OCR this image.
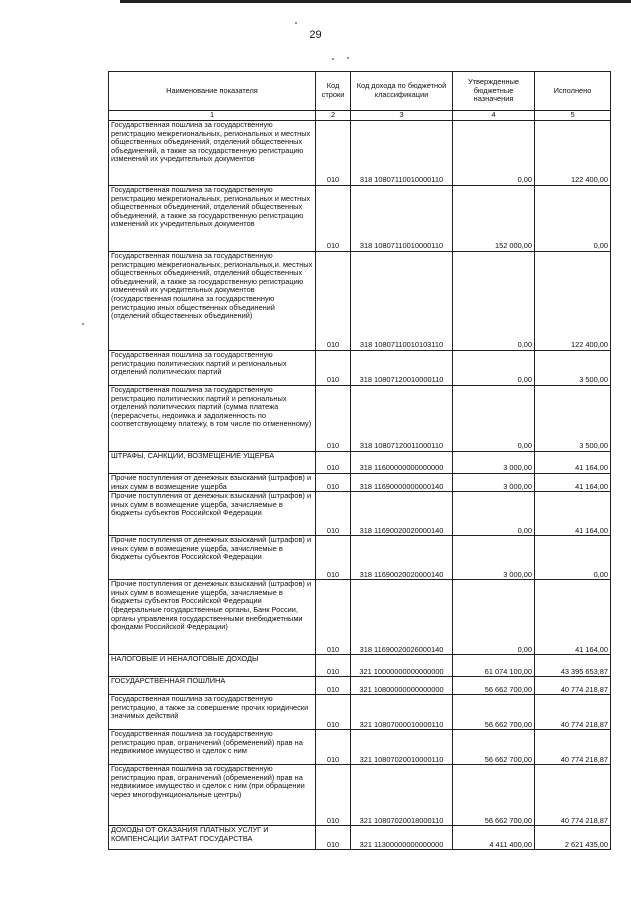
29
Наименование показателя	Код строки	Код дохода по бюджетной классификации	Утвержденные бюджетные назначения	Исполнено
1	2	3	4	5
Государственная пошлина за государственную регистрацию межрегиональных, региональных и местных общественных объединений, отделений общественных объединений, а также за государственную регистрацию изменений их учредительных документов	010	318 10807110010000110	0,00	122 400,00
Государственная пошлина за государственную регистрацию межрегиональных, региональных и местных общественных объединений, отделений общественных объединений, а также за государственную регистрацию изменений их учредительных документов	010	318 10807110010000110	152 000,00	0,00
Государственная пошлина за государственную регистрацию межрегиональных, региональных,и. местных общественных объединений, отделений общественных объединений, а также за государственную регистрацию изменений их учредительных документов (государственная пошлина за государственную регистрацию иных общественных объединений (отделений общественных объединений)	010	318 10807110010103110	0,00	122 400,00
Государственная пошлина за государственную регистрацию политических партий и региональных отделений политических партий	010	318 10807120010000110	0,00	3 500,00
Государственная пошлина за государственную регистрацию политических партий и региональных отделений политических партий (сумма платежа (перерасчеты, недоимка и задолженность по соответствующему платежу, в том числе по отмененному)	010	318 10807120011000110	0,00	3 500,00
ШТРАФЫ, САНКЦИИ, ВОЗМЕЩЕНИЕ УЩЕРБА	010	318 11600000000000000	3 000,00	41 164,00
Прочие поступления от денежных взысканий (штрафов) и иных сумм в возмещение ущерба	010	318 11690000000000140	3 000,00	41 164,00
Прочие поступления от денежных взысканий (штрафов) и иных сумм в возмещение ущерба, зачисляемые в бюджеты субъектов Российской Федерации	010	318 11690020020000140	0,00	41 164,00
Прочие поступления от денежных взысканий (штрафов) и иных сумм в возмещение ущерба, зачисляемые в бюджеты субъектов Российской Федерации	010	318 11690020020000140	3 000,00	0,00
Прочие поступления от денежных взысканий (штрафов) и иных сумм в возмещение ущерба, зачисляемые в бюджеты субъектов Российской Федерации (федеральные государственные органы, Банк России, органы управления государственными внебюджетными фондами Российской Федерации)	010	318 11690020026000140	0,00	41 164,00
НАЛОГОВЫЕ И НЕНАЛОГОВЫЕ ДОХОДЫ	010	321 10000000000000000	61 074 100,00	43 395 653,87
ГОСУДАРСТВЕННАЯ ПОШЛИНА	010	321 10800000000000000	56 662 700,00	40 774 218,87
Государственная пошлина за государственную регистрацию, а также за совершение прочих юридически значимых действий	010	321 10807000010000110	56 662 700,00	40 774 218,87
Государственная пошлина за государственную регистрацию прав, ограничений (обременений) прав на недвижимое имущество и сделок с ним	010	321 10807020010000110	56 662 700,00	40 774 218,87
Государственная пошлина за государственную регистрацию прав, ограничений (обременений) прав на недвижимое имущество и сделок с ним (при обращении через многофункциональные центры)	010	321 10807020018000110	56 662 700,00	40 774 218,87
ДОХОДЫ ОТ ОКАЗАНИЯ ПЛАТНЫХ УСЛУГ И КОМПЕНСАЦИИ ЗАТРАТ ГОСУДАРСТВА	010	321 11300000000000000	4 411 400,00	2 621 435,00
